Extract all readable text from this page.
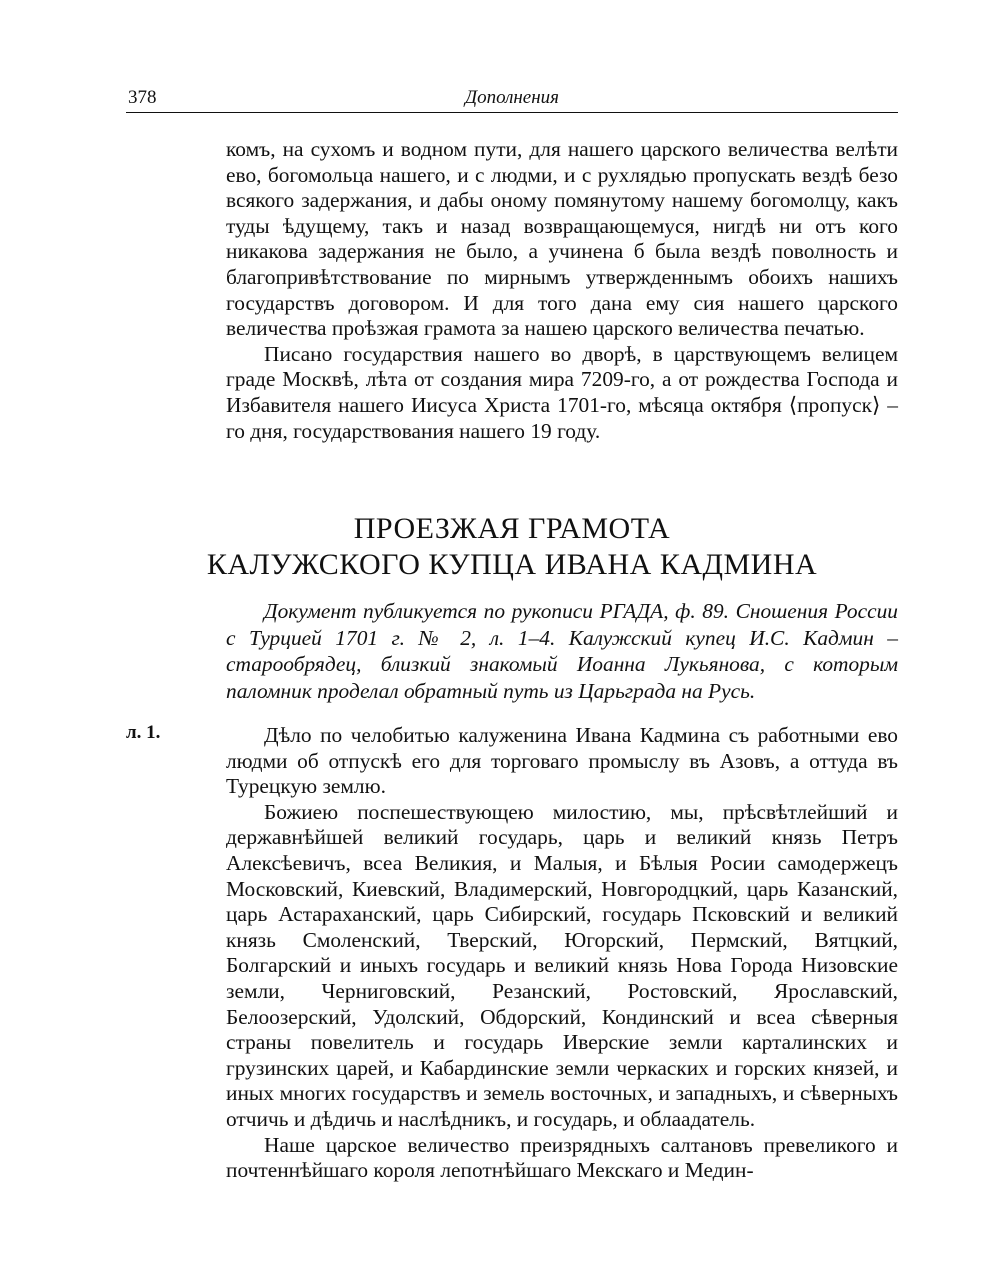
378	Дополнения

комъ, на сухомъ и водном пути, для нашего царского величества велѣти ево, богомольца нашего, и с людми, и с рухлядью пропускать вездѣ безо всякого задержания, и дабы оному помянутому нашему богомолцу, какъ туды ѣдущему, такъ и назад возвращающемуся, нигдѣ ни отъ кого никакова задержания не было, а учинена б была вездѣ поволность и благопривѣтствование по мирнымъ утвержденнымъ обоихъ нашихъ государствъ договором. И для того дана ему сия нашего царского величества проѣзжая грамота за нашею царского величества печатью.

Писано государствия нашего во дворѣ, в царствующемъ велицем граде Москвѣ, лѣта от создания мира 7209-го, а от рождества Господа и Избавителя нашего Иисуса Христа 1701-го, мѣсяца октября ⟨пропуск⟩ –го дня, государствования нашего 19 году.

ПРОЕЗЖАЯ ГРАМОТА
КАЛУЖСКОГО КУПЦА ИВАНА КАДМИНА
Документ публикуется по рукописи РГАДА, ф. 89. Сношения России с Турцией 1701 г. № 2, л. 1–4. Калужский купец И.С. Кадмин – старообрядец, близкий знакомый Иоанна Лукьянова, с которым паломник проделал обратный путь из Царьграда на Русь.
л. 1.	Дѣло по челобитью калуженина Ивана Кадмина съ работными ево людми об отпускѣ его для торговаго промыслу въ Азовъ, а оттуда въ Турецкую землю.

Божиею поспешествующею милостию, мы, прѣсвѣтлейший и державнѣйшей великий государь, царь и великий князь Петръ Алексѣевичъ, всеа Великия, и Малыя, и Бѣлыя Росии самодержецъ Московский, Киевский, Владимерский, Новгородцкий, царь Казанский, царь Астараханский, царь Сибирский, государь Псковский и великий князь Смоленский, Тверский, Югорский, Пермский, Вятцкий, Болгарский и иныхъ государь и великий князь Нова Города Низовские земли, Черниговский, Резанский, Ростовский, Ярославский, Белоозерский, Удолский, Обдорский, Кондинский и всеа сѣверныя страны повелитель и государь Иверские земли карталинских и грузинских царей, и Кабардинские земли черкаских и горских князей, и иных многих государствъ и земель восточных, и западныхъ, и сѣверныхъ отчичь и дѣдичь и наслѣдникъ, и государь, и облаадатель.

Наше царское величество преизрядныхъ салтановъ превеликого и почтеннѣйшаго короля лепотнѣйшаго Мекскаго и Медин-
